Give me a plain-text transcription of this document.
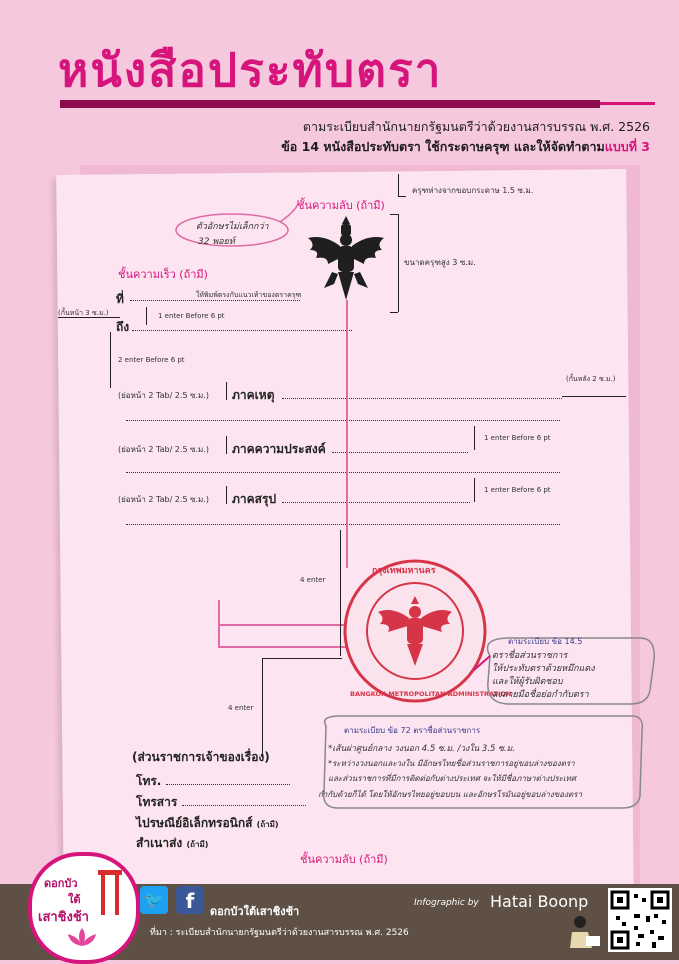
หนังสือประทับตรา
ตามระเบียบสำนักนายกรัฐมนตรีว่าด้วยงานสารบรรณ พ.ศ. 2526
ข้อ 14 หนังสือประทับตรา ใช้กระดาษครุฑ และให้จัดทำตามแบบที่ 3
ชั้นความลับ (ถ้ามี)
ตัวอักษรไม่เล็กกว่า
32 พอยท์
ชั้นความเร็ว (ถ้ามี)
ครุฑห่างจากขอบกระดาษ 1.5 ซ.ม.
ขนาดครุฑสูง 3 ซ.ม.
ที่	ให้พิมพ์ตรงกับแนวเท้าของตราครุฑ
(กั้นหน้า 3 ซ.ม.)	1 enter Before 6 pt
ถึง
2 enter Before 6 pt
(กั้นหลัง 2 ซ.ม.)
(ย่อหน้า 2 Tab/ 2.5 ซ.ม.) ภาคเหตุ
1 enter Before 6 pt
(ย่อหน้า 2 Tab/ 2.5 ซ.ม.) ภาคความประสงค์
1 enter Before 6 pt
(ย่อหน้า 2 Tab/ 2.5 ซ.ม.) ภาคสรุป
4 enter
4 enter
กรุงเทพมหานคร
BANGKOK METROPOLITAN ADMINISTRATION
ตามระเบียบ ข้อ 14.5
ตราชื่อส่วนราชการ
ให้ประทับตราด้วยหมึกแดง
และให้ผู้รับผิดชอบ
ลงลายมือชื่อย่อกำกับตรา
ตามระเบียบ ข้อ 72 ตราชื่อส่วนราชการ
*เส้นผ่าศูนย์กลาง วงนอก 4.5 ซ.ม. /วงใน 3.5 ซ.ม.
*ระหว่างวงนอกและวงใน มีอักษรไทยชื่อส่วนราชการอยู่ขอบล่างของตรา
และส่วนราชการที่มีการติดต่อกับต่างประเทศ จะให้มีชื่อภาษาต่างประเทศ
กำกับด้วยก็ได้ โดยให้อักษรไทยอยู่ขอบบน และอักษรโรมันอยู่ขอบล่างของตรา
(ส่วนราชการเจ้าของเรื่อง)
โทร.
โทรสาร
ไปรษณีย์อิเล็กทรอนิกส์ (ถ้ามี)
สำเนาส่ง (ถ้ามี)
ชั้นความลับ (ถ้ามี)
ดอกบัว
ใต้
เสาชิงช้า
🐦	f	ดอกบัวใต้เสาชิงช้า
Infographic by Hatai Boonp
ที่มา : ระเบียบสำนักนายกรัฐมนตรีว่าด้วยงานสารบรรณ พ.ศ. 2526
